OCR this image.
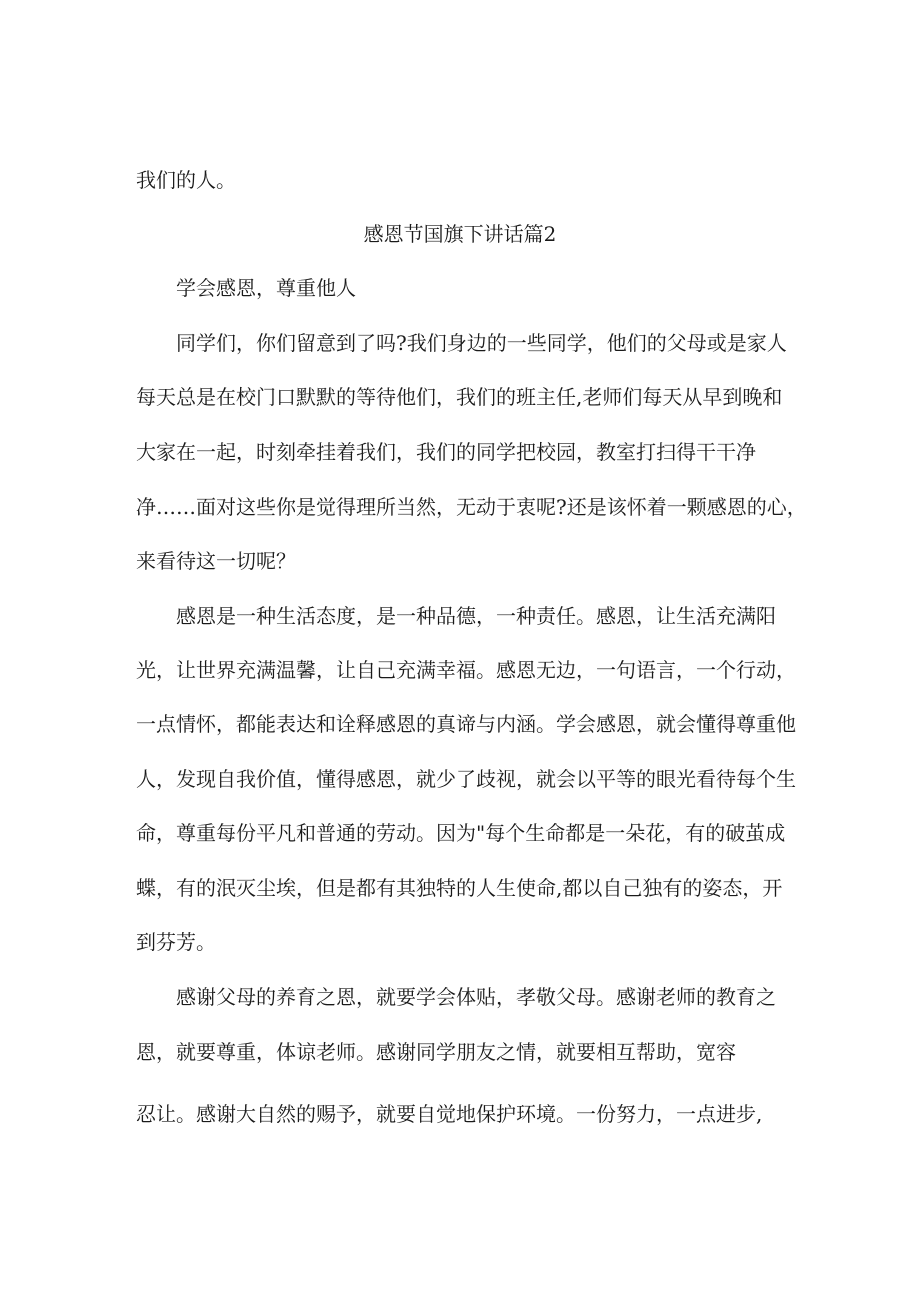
我们的人。

感恩节国旗下讲话篇2

学会感恩，尊重他人

同学们，你们留意到了吗?我们身边的一些同学，他们的父母或是家人

每天总是在校门口默默的等待他们，我们的班主任,老师们每天从早到晚和

大家在一起，时刻牵挂着我们，我们的同学把校园，教室打扫得干干净

净……面对这些你是觉得理所当然，无动于衷呢?还是该怀着一颗感恩的心，

来看待这一切呢？

感恩是一种生活态度，是一种品德，一种责任。感恩，让生活充满阳

光，让世界充满温馨，让自己充满幸福。感恩无边，一句语言，一个行动，

一点情怀，都能表达和诠释感恩的真谛与内涵。学会感恩，就会懂得尊重他

人，发现自我价值，懂得感恩，就少了歧视，就会以平等的眼光看待每个生

命，尊重每份平凡和普通的劳动。因为"每个生命都是一朵花，有的破茧成

蝶，有的泯灭尘埃，但是都有其独特的人生使命,都以自己独有的姿态，开

到芬芳。

感谢父母的养育之恩，就要学会体贴，孝敬父母。感谢老师的教育之

恩，就要尊重，体谅老师。感谢同学朋友之情，就要相互帮助，宽容

忍让。感谢大自然的赐予，就要自觉地保护环境。一份努力，一点进步,
